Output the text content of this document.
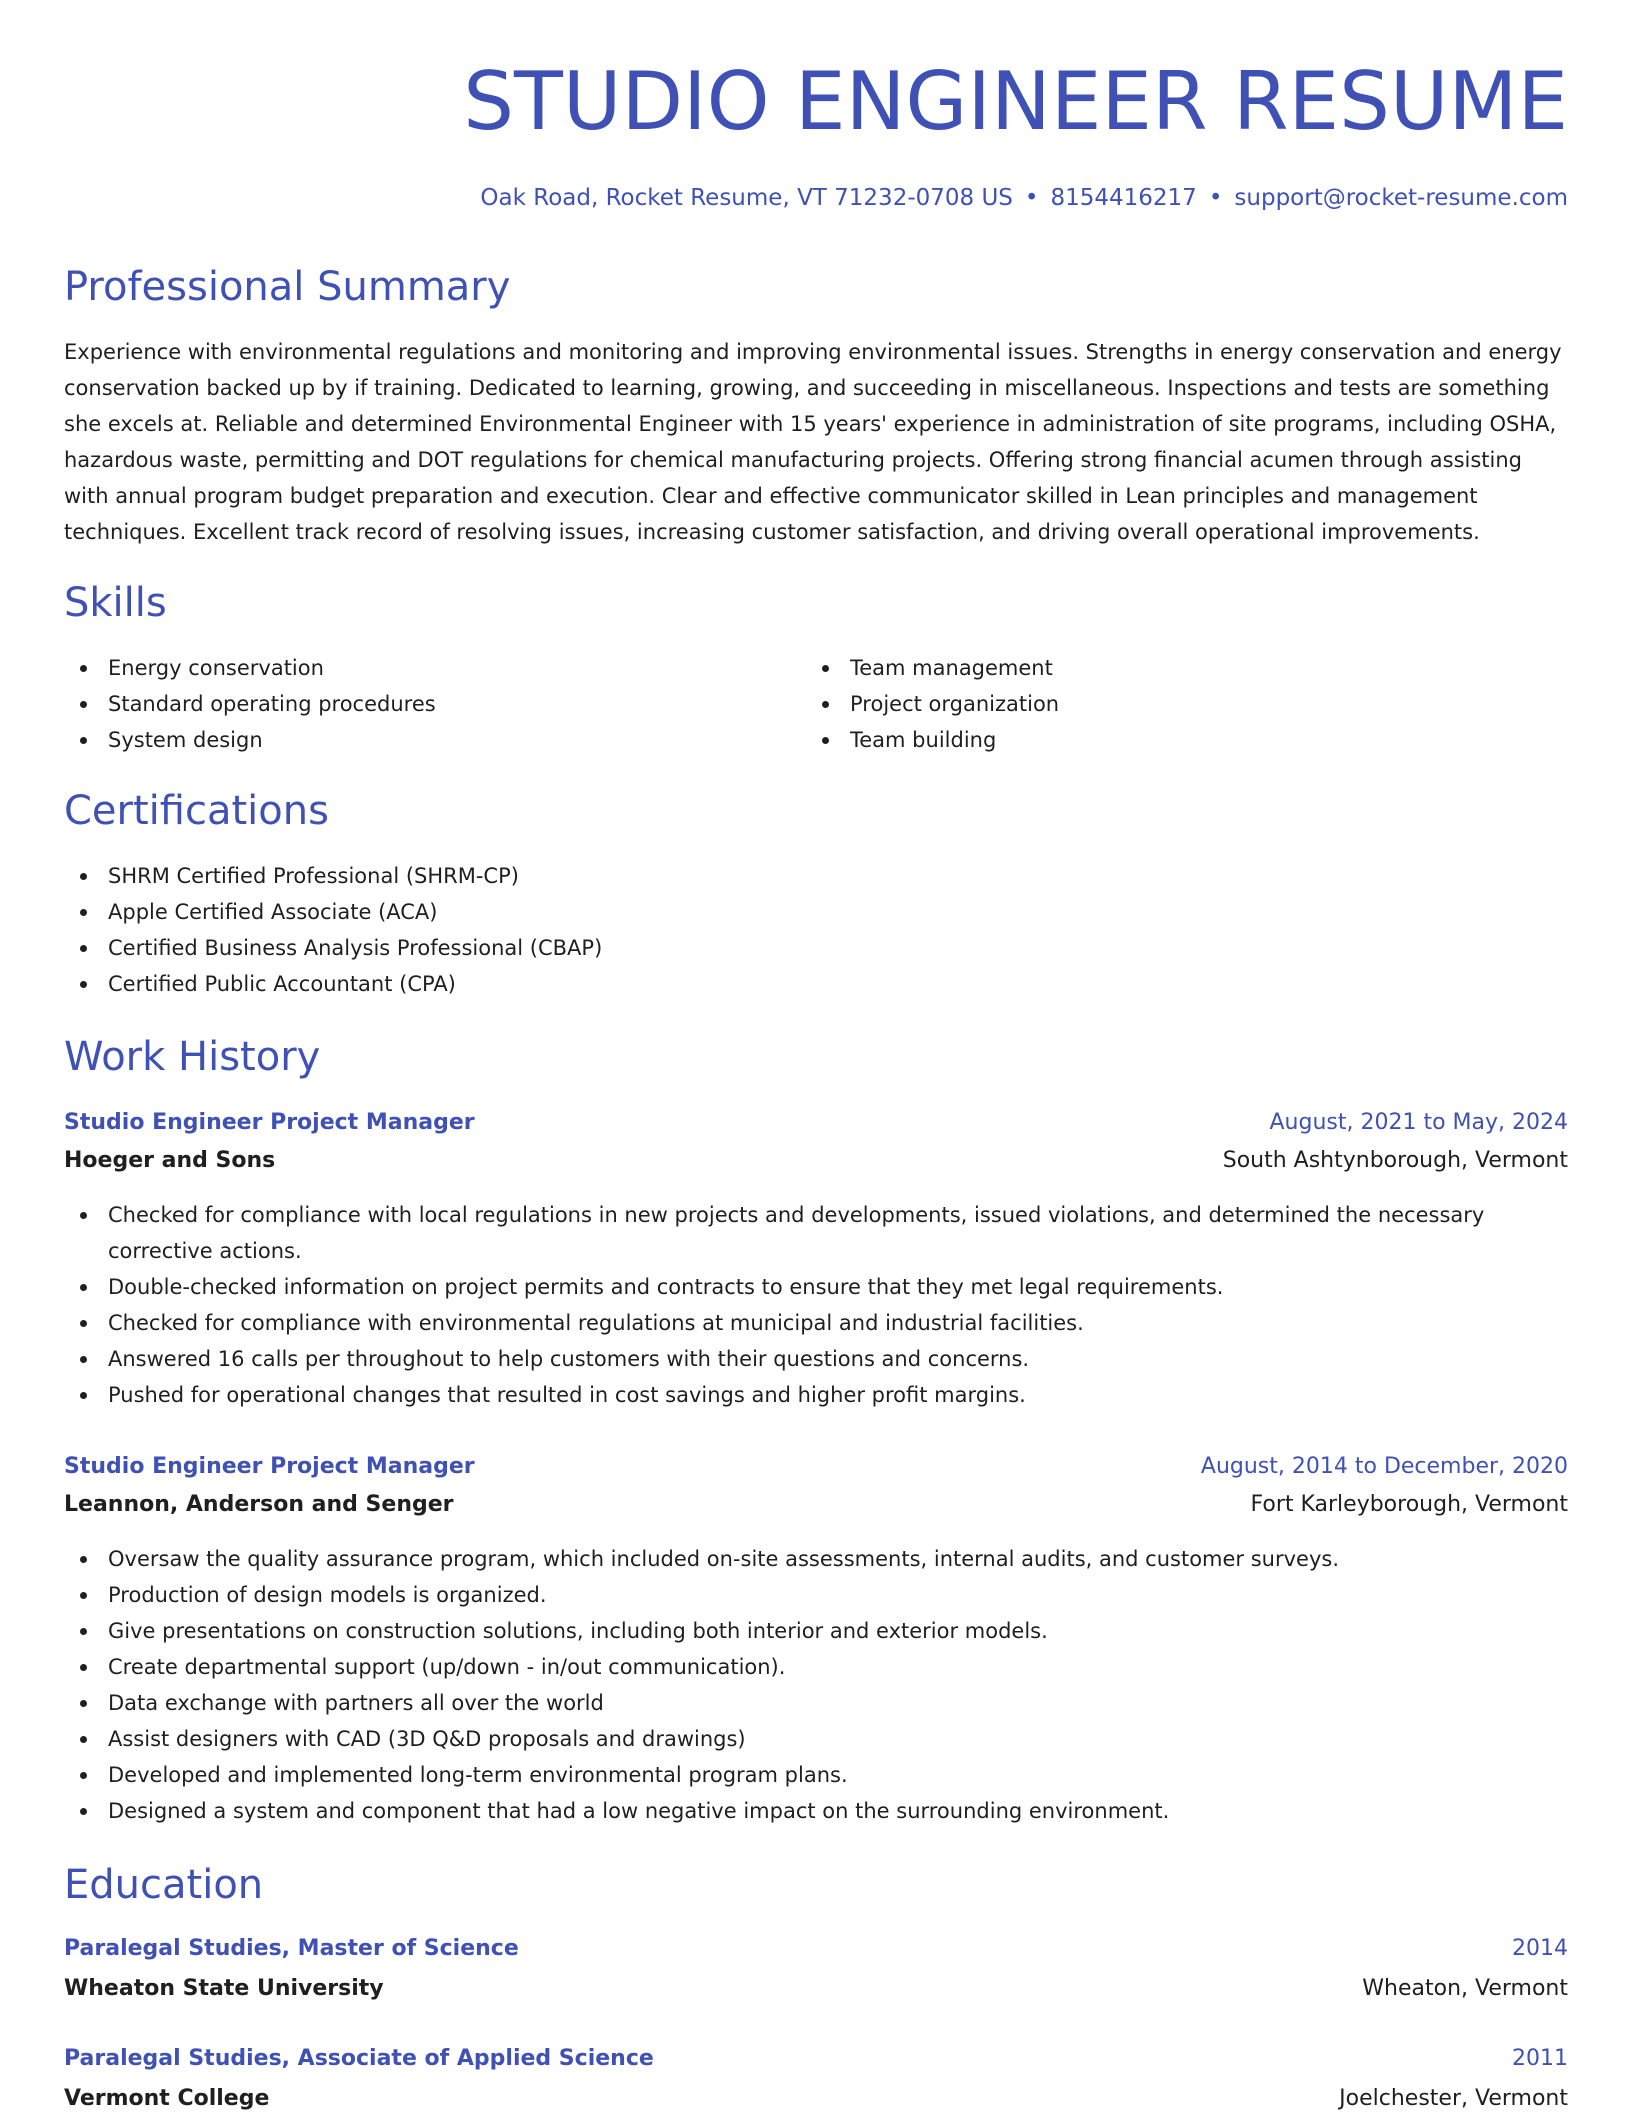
STUDIO ENGINEER RESUME
Oak Road, Rocket Resume, VT 71232-0708 US • 8154416217 • support@rocket-resume.com
Professional Summary

Experience with environmental regulations and monitoring and improving environmental issues. Strengths in energy conservation and energy conservation backed up by if training. Dedicated to learning, growing, and succeeding in miscellaneous. Inspections and tests are something she excels at. Reliable and determined Environmental Engineer with 15 years' experience in administration of site programs, including OSHA, hazardous waste, permitting and DOT regulations for chemical manufacturing projects. Offering strong financial acumen through assisting with annual program budget preparation and execution. Clear and effective communicator skilled in Lean principles and management techniques. Excellent track record of resolving issues, increasing customer satisfaction, and driving overall operational improvements.

Skills
Energy conservation
Standard operating procedures
System design
Team management
Project organization
Team building
Certifications
SHRM Certified Professional (SHRM-CP)
Apple Certified Associate (ACA)
Certified Business Analysis Professional (CBAP)
Certified Public Accountant (CPA)
Work History
Studio Engineer Project Manager	August, 2021 to May, 2024
Hoeger and Sons	South Ashtynborough, Vermont
Checked for compliance with local regulations in new projects and developments, issued violations, and determined the necessary corrective actions.
Double-checked information on project permits and contracts to ensure that they met legal requirements.
Checked for compliance with environmental regulations at municipal and industrial facilities.
Answered 16 calls per throughout to help customers with their questions and concerns.
Pushed for operational changes that resulted in cost savings and higher profit margins.
Studio Engineer Project Manager	August, 2014 to December, 2020
Leannon, Anderson and Senger	Fort Karleyborough, Vermont
Oversaw the quality assurance program, which included on-site assessments, internal audits, and customer surveys.
Production of design models is organized.
Give presentations on construction solutions, including both interior and exterior models.
Create departmental support (up/down - in/out communication).
Data exchange with partners all over the world
Assist designers with CAD (3D Q&D proposals and drawings)
Developed and implemented long-term environmental program plans.
Designed a system and component that had a low negative impact on the surrounding environment.
Education
Paralegal Studies, Master of Science	2014
Wheaton State University	Wheaton, Vermont
Paralegal Studies, Associate of Applied Science	2011
Vermont College	Joelchester, Vermont
